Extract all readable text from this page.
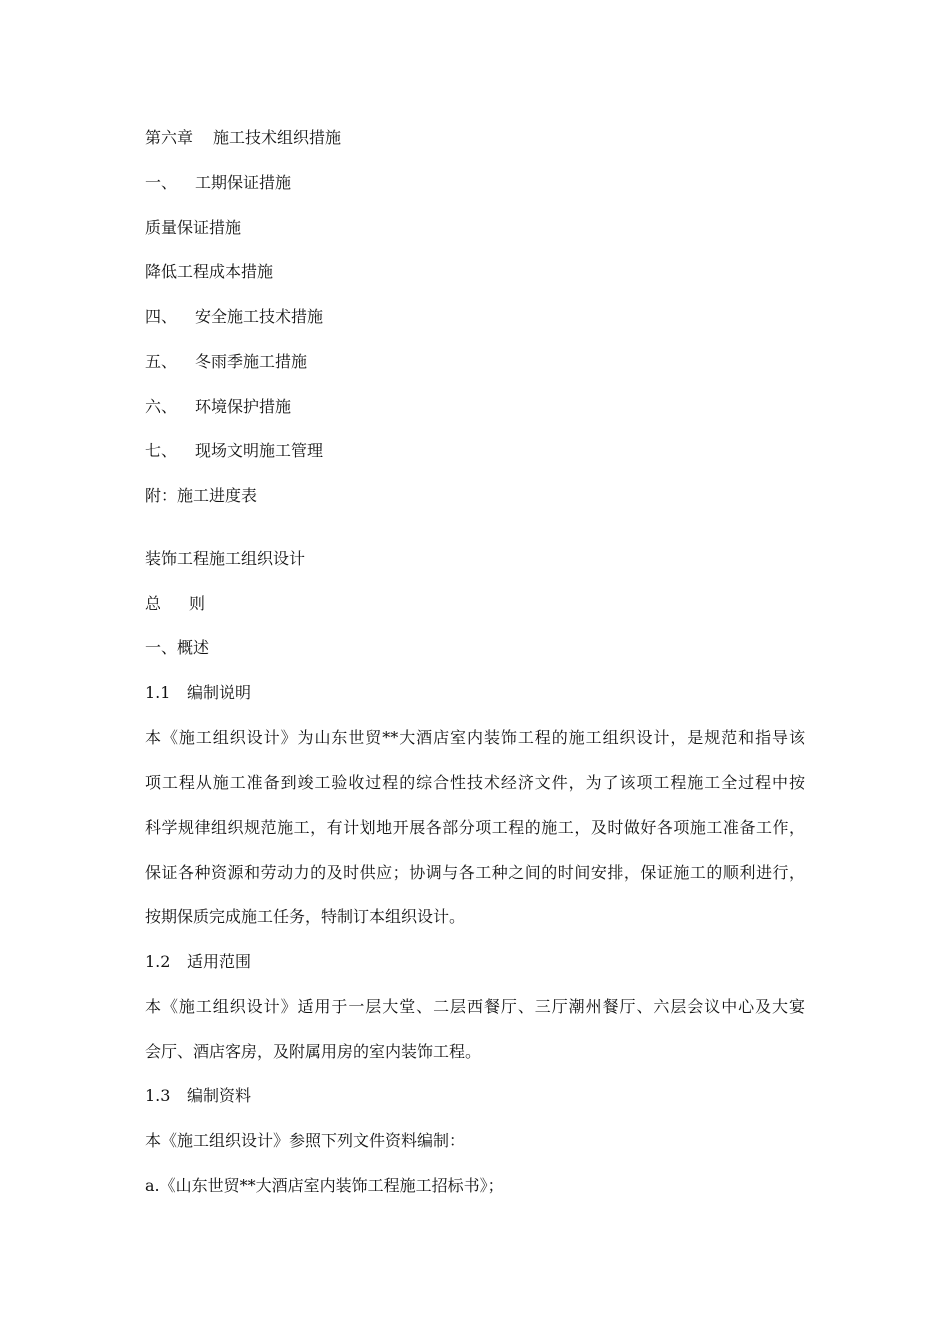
第六章 施工技术组织措施
一、 工期保证措施
质量保证措施
降低工程成本措施
四、 安全施工技术措施
五、 冬雨季施工措施
六、 环境保护措施
七、 现场文明施工管理
附：施工进度表
装饰工程施工组织设计
总 则
一、概述
1.1 编制说明
本《施工组织设计》为山东世贸**大酒店室内装饰工程的施工组织设计，是规范和指导该
项工程从施工准备到竣工验收过程的综合性技术经济文件，为了该项工程施工全过程中按
科学规律组织规范施工，有计划地开展各部分项工程的施工，及时做好各项施工准备工作，
保证各种资源和劳动力的及时供应；协调与各工种之间的时间安排，保证施工的顺利进行，
按期保质完成施工任务，特制订本组织设计。
1.2 适用范围
本《施工组织设计》适用于一层大堂、二层西餐厅、三厅潮州餐厅、六层会议中心及大宴
会厅、酒店客房，及附属用房的室内装饰工程。
1.3 编制资料
本《施工组织设计》参照下列文件资料编制：
a.《山东世贸**大酒店室内装饰工程施工招标书》；
